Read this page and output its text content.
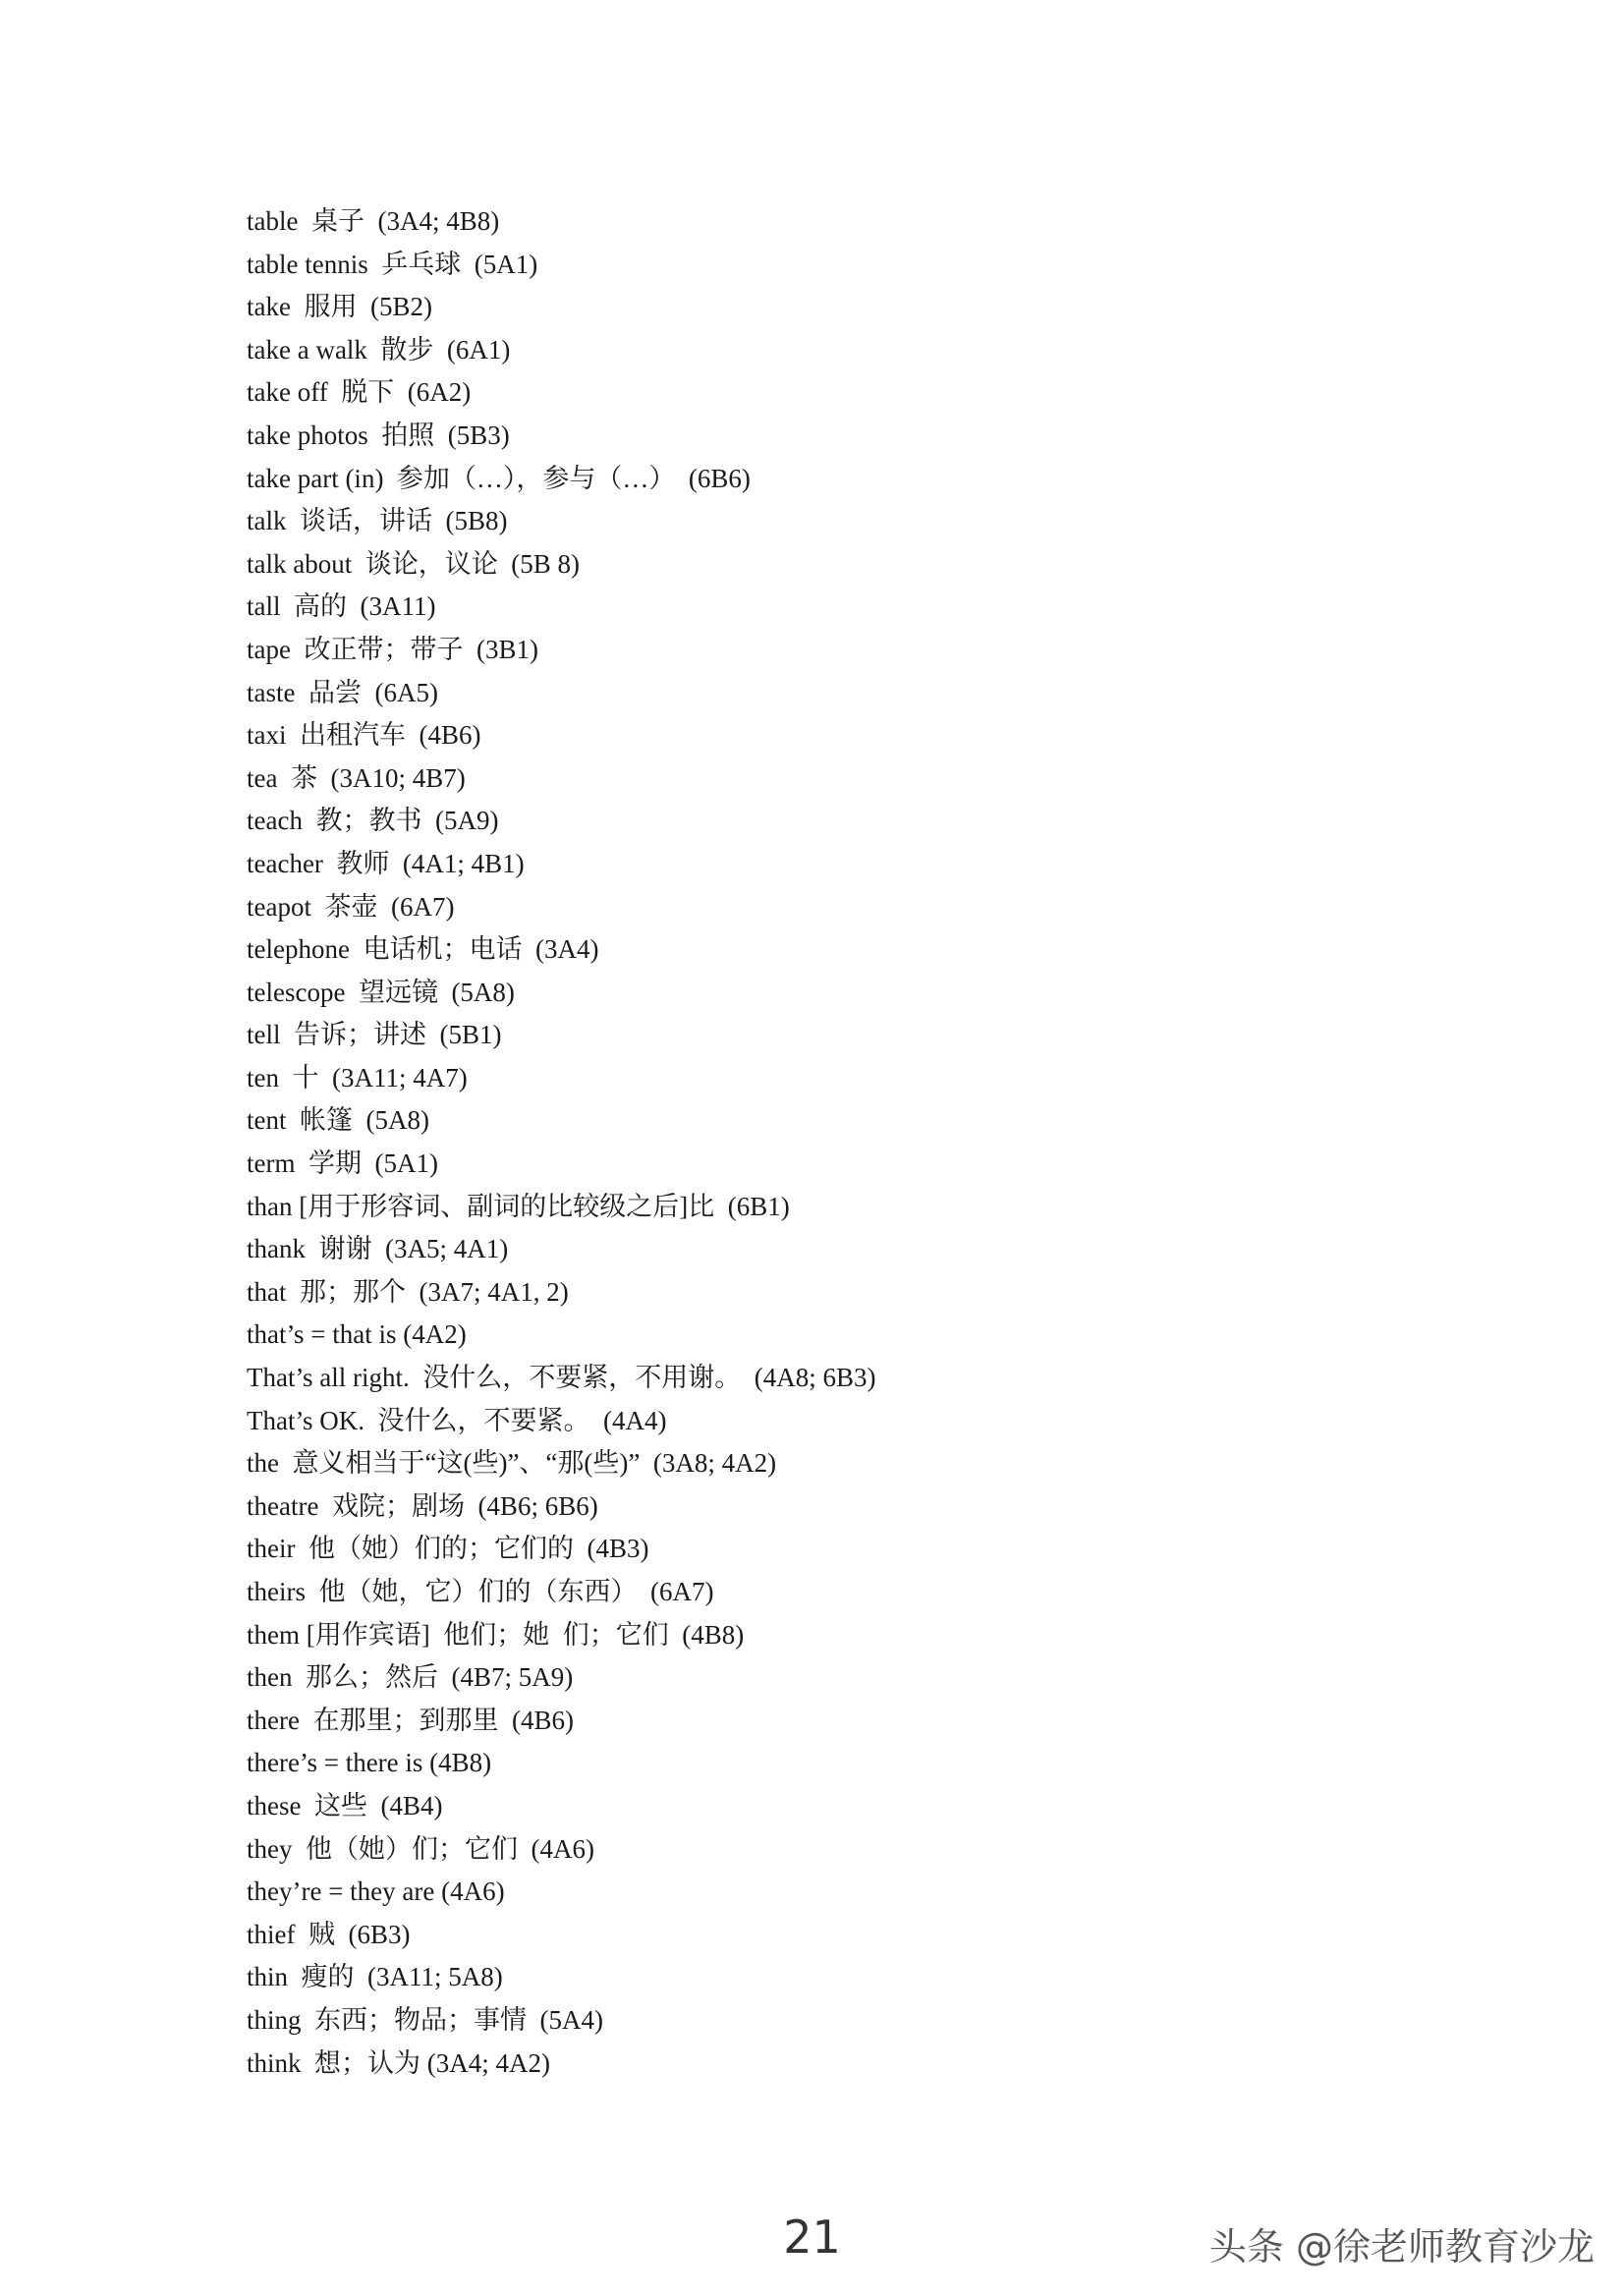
table  桌子  (3A4; 4B8)
table tennis  乒乓球  (5A1)
take  服用  (5B2)
take a walk  散步  (6A1)
take off  脱下  (6A2)
take photos  拍照  (5B3)
take part (in)  参加（…），参与（…）  (6B6)
talk  谈话，讲话  (5B8)
talk about  谈论，议论  (5B 8)
tall  高的  (3A11)
tape  改正带；带子  (3B1)
taste  品尝  (6A5)
taxi  出租汽车  (4B6)
tea  茶  (3A10; 4B7)
teach  教；教书  (5A9)
teacher  教师  (4A1; 4B1)
teapot  茶壶  (6A7)
telephone  电话机；电话  (3A4)
telescope  望远镜  (5A8)
tell  告诉；讲述  (5B1)
ten  十  (3A11; 4A7)
tent  帐篷  (5A8)
term  学期  (5A1)
than [用于形容词、副词的比较级之后]比  (6B1)
thank  谢谢  (3A5; 4A1)
that  那；那个  (3A7; 4A1, 2)
that’s = that is (4A2)
That’s all right.  没什么，不要紧，不用谢。  (4A8; 6B3)
That’s OK.  没什么，不要紧。  (4A4)
the  意义相当于“这(些)”、“那(些)”  (3A8; 4A2)
theatre  戏院；剧场  (4B6; 6B6)
their  他（她）们的；它们的  (4B3)
theirs  他（她，它）们的（东西）  (6A7)
them [用作宾语]  他们；她  们；它们  (4B8)
then  那么；然后  (4B7; 5A9)
there  在那里；到那里  (4B6)
there’s = there is (4B8)
these  这些  (4B4)
they  他（她）们；它们  (4A6)
they’re = they are (4A6)
thief  贼  (6B3)
thin  瘦的  (3A11; 5A8)
thing  东西；物品；事情  (5A4)
think  想；认为 (3A4; 4A2)
21	头条 @徐老师教育沙龙
